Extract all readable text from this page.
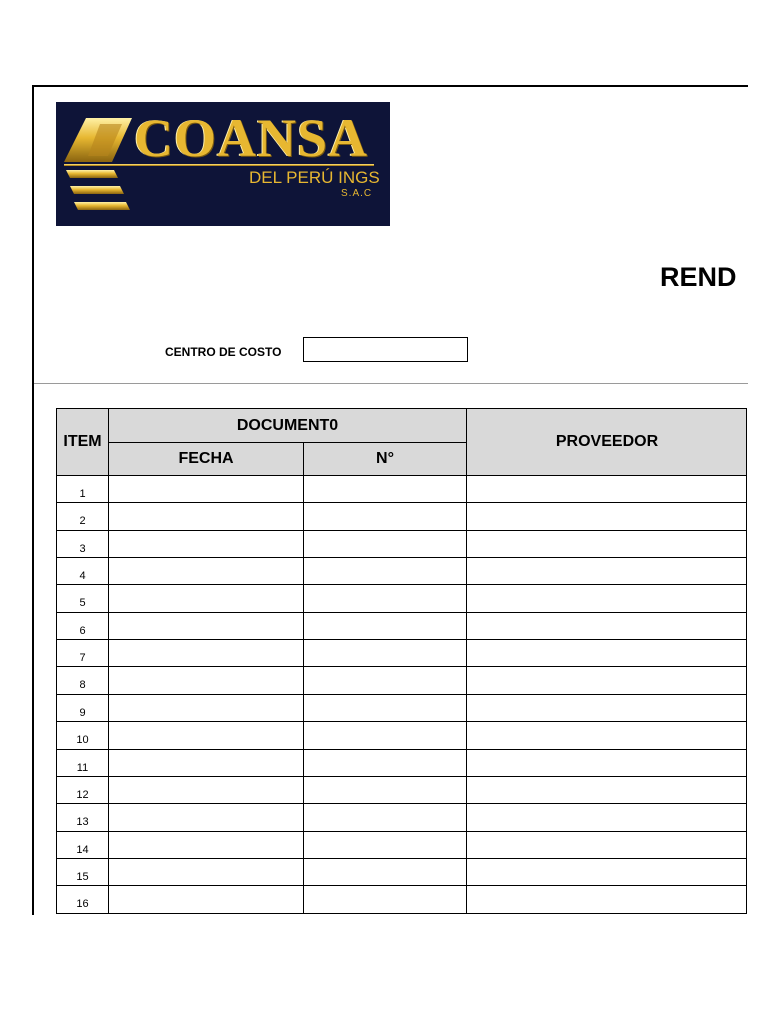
COANSA
DEL PERÚ INGS
S.A.C
REND
CENTRO DE COSTO
ITEM
DOCUMENT0
FECHA	N°
PROVEEDOR
1
2
3
4
5
6
7
8
9
10
11
12
13
14
15
16
